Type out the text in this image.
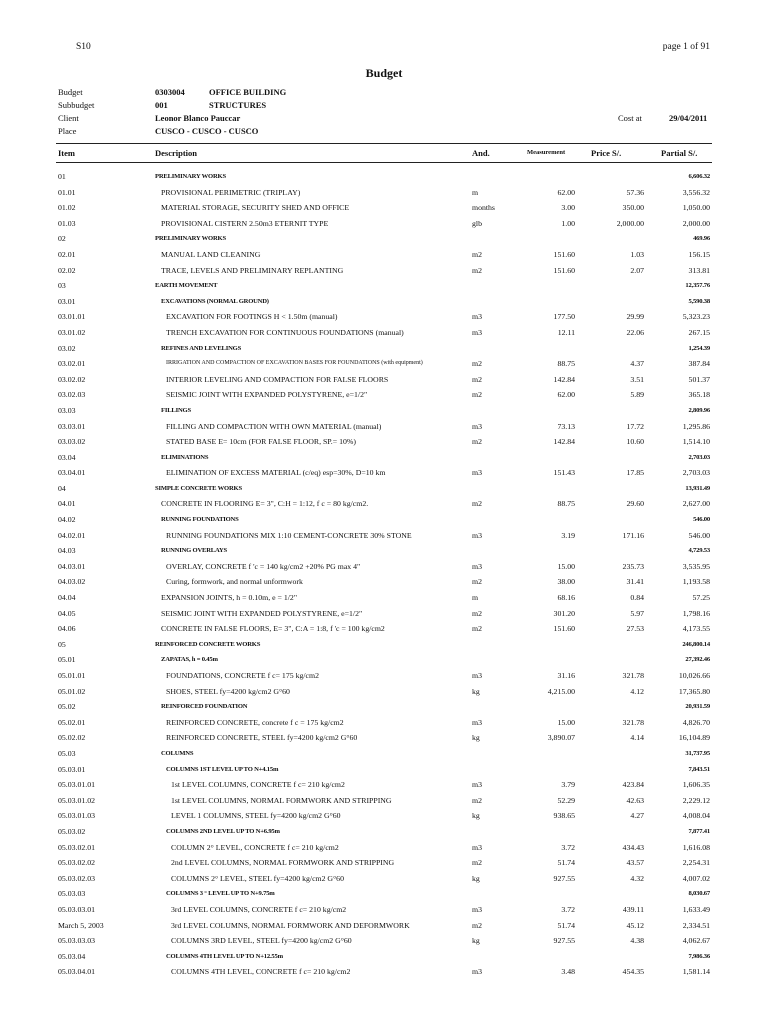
S10	page 1 of 91
Budget
Budget	0303004	OFFICE BUILDING
Subbudget	001	STRUCTURES
Client	Leonor Blanco Pauccar	Cost at	29/04/2011
Place	CUSCO - CUSCO - CUSCO
Item	Description	And.	Measurement	Price S/.	Partial S/.
01	PRELIMINARY WORKS	6,606.32
01.01	PROVISIONAL PERIMETRIC (TRIPLAY)	m	62.00	57.36	3,556.32
01.02	MATERIAL STORAGE, SECURITY SHED AND OFFICE	months	3.00	350.00	1,050.00
01.03	PROVISIONAL CISTERN 2.50m3 ETERNIT TYPE	glb	1.00	2,000.00	2,000.00
02	PRELIMINARY WORKS	469.96
02.01	MANUAL LAND CLEANING	m2	151.60	1.03	156.15
02.02	TRACE, LEVELS AND PRELIMINARY REPLANTING	m2	151.60	2.07	313.81
03	EARTH MOVEMENT	12,357.76
03.01	EXCAVATIONS (NORMAL GROUND)	5,590.38
03.01.01	EXCAVATION FOR FOOTINGS H < 1.50m (manual)	m3	177.50	29.99	5,323.23
03.01.02	TRENCH EXCAVATION FOR CONTINUOUS FOUNDATIONS (manual)	m3	12.11	22.06	267.15
03.02	REFINES AND LEVELINGS	1,254.39
03.02.01	IRRIGATION AND COMPACTION OF EXCAVATION BASES FOR FOUNDATIONS (with equipment)	m2	88.75	4.37	387.84
03.02.02	INTERIOR LEVELING AND COMPACTION FOR FALSE FLOORS	m2	142.84	3.51	501.37
03.02.03	SEISMIC JOINT WITH EXPANDED POLYSTYRENE, e=1/2"	m2	62.00	5.89	365.18
03.03	FILLINGS	2,809.96
03.03.01	FILLING AND COMPACTION WITH OWN MATERIAL (manual)	m3	73.13	17.72	1,295.86
03.03.02	STATED BASE E= 10cm (FOR FALSE FLOOR, SP.= 10%)	m2	142.84	10.60	1,514.10
03.04	ELIMINATIONS	2,703.03
03.04.01	ELIMINATION OF EXCESS MATERIAL (c/eq) esp=30%, D=10 km	m3	151.43	17.85	2,703.03
04	SIMPLE CONCRETE WORKS	13,931.49
04.01	CONCRETE IN FLOORING E= 3", C:H = 1:12, f c = 80 kg/cm2.	m2	88.75	29.60	2,627.00
04.02	RUNNING FOUNDATIONS	546.00
04.02.01	RUNNING FOUNDATIONS MIX 1:10 CEMENT-CONCRETE 30% STONE	m3	3.19	171.16	546.00
04.03	RUNNING OVERLAYS	4,729.53
04.03.01	OVERLAY, CONCRETE f 'c = 140 kg/cm2 +20% PG max 4"	m3	15.00	235.73	3,535.95
04.03.02	Curing, formwork, and normal unformwork	m2	38.00	31.41	1,193.58
04.04	EXPANSION JOINTS, h = 0.10m, e = 1/2"	m	68.16	0.84	57.25
04.05	SEISMIC JOINT WITH EXPANDED POLYSTYRENE, e=1/2"	m2	301.20	5.97	1,798.16
04.06	CONCRETE IN FALSE FLOORS, E= 3", C:A = 1:8, f 'c = 100 kg/cm2	m2	151.60	27.53	4,173.55
05	REINFORCED CONCRETE WORKS	246,800.14
05.01	ZAPATAS, h = 0.45m	27,392.46
05.01.01	FOUNDATIONS, CONCRETE f c= 175 kg/cm2	m3	31.16	321.78	10,026.66
05.01.02	SHOES, STEEL fy=4200 kg/cm2 G°60	kg	4,215.00	4.12	17,365.80
05.02	REINFORCED FOUNDATION	20,931.59
05.02.01	REINFORCED CONCRETE, concrete f c = 175 kg/cm2	m3	15.00	321.78	4,826.70
05.02.02	REINFORCED CONCRETE, STEEL fy=4200 kg/cm2 G°60	kg	3,890.07	4.14	16,104.89
05.03	COLUMNS	31,737.95
05.03.01	COLUMNS 1ST LEVEL UP TO N+4.15m	7,843.51
05.03.01.01	1st LEVEL COLUMNS, CONCRETE f c= 210 kg/cm2	m3	3.79	423.84	1,606.35
05.03.01.02	1st LEVEL COLUMNS, NORMAL FORMWORK AND STRIPPING	m2	52.29	42.63	2,229.12
05.03.01.03	LEVEL 1 COLUMNS, STEEL fy=4200 kg/cm2 G°60	kg	938.65	4.27	4,008.04
05.03.02	COLUMNS 2ND LEVEL UP TO N+6.95m	7,877.41
05.03.02.01	COLUMN 2° LEVEL, CONCRETE f c= 210 kg/cm2	m3	3.72	434.43	1,616.08
05.03.02.02	2nd LEVEL COLUMNS, NORMAL FORMWORK AND STRIPPING	m2	51.74	43.57	2,254.31
05.03.02.03	COLUMNS 2° LEVEL, STEEL fy=4200 kg/cm2 G°60	kg	927.55	4.32	4,007.02
05.03.03	COLUMNS 3 ° LEVEL UP TO N+9.75m	8,030.67
05.03.03.01	3rd LEVEL COLUMNS, CONCRETE f c= 210 kg/cm2	m3	3.72	439.11	1,633.49
March 5, 2003	3rd LEVEL COLUMNS, NORMAL FORMWORK AND DEFORMWORK	m2	51.74	45.12	2,334.51
05.03.03.03	COLUMNS 3RD LEVEL, STEEL fy=4200 kg/cm2 G°60	kg	927.55	4.38	4,062.67
05.03.04	COLUMNS 4TH LEVEL UP TO N+12.55m	7,986.36
05.03.04.01	COLUMNS 4TH LEVEL, CONCRETE f c= 210 kg/cm2	m3	3.48	454.35	1,581.14
